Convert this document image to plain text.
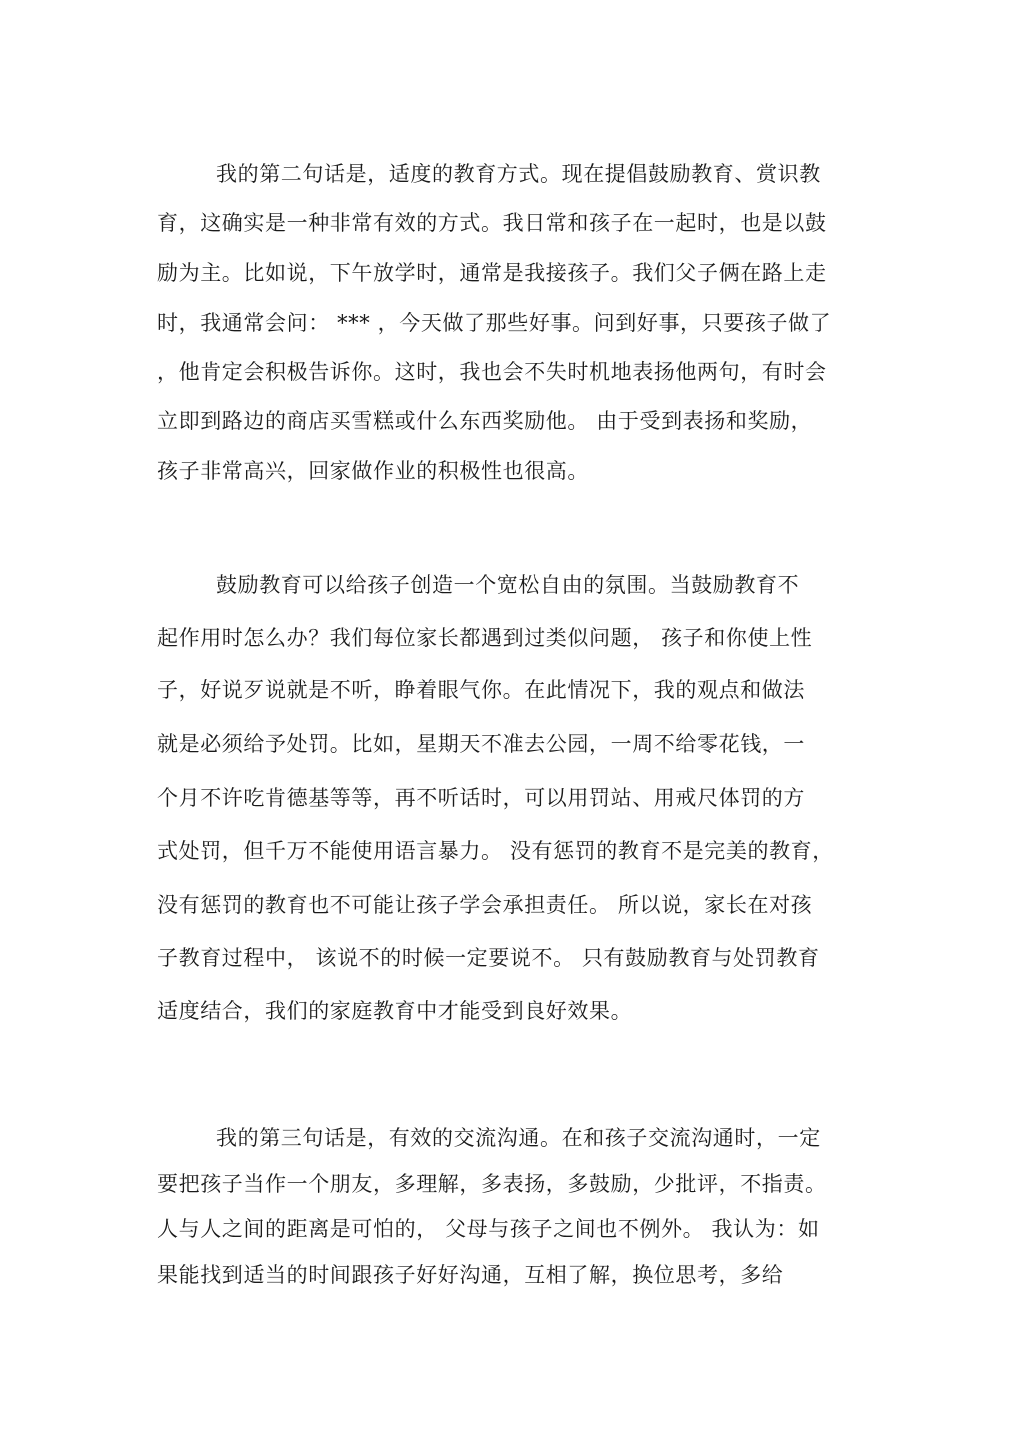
我的第二句话是，适度的教育方式。现在提倡鼓励教育、赏识教
育，这确实是一种非常有效的方式。我日常和孩子在一起时，也是以鼓
励为主。比如说，下午放学时，通常是我接孩子。我们父子俩在路上走
时，我通常会问： *** ，今天做了那些好事。问到好事，只要孩子做了
，他肯定会积极告诉你。这时，我也会不失时机地表扬他两句，有时会
立即到路边的商店买雪糕或什么东西奖励他。 由于受到表扬和奖励，
孩子非常高兴，回家做作业的积极性也很高。
鼓励教育可以给孩子创造一个宽松自由的氛围。当鼓励教育不
起作用时怎么办？我们每位家长都遇到过类似问题， 孩子和你使上性
子，好说歹说就是不听，睁着眼气你。在此情况下，我的观点和做法
就是必须给予处罚。比如，星期天不准去公园，一周不给零花钱，一
个月不许吃肯德基等等，再不听话时，可以用罚站、用戒尺体罚的方
式处罚，但千万不能使用语言暴力。 没有惩罚的教育不是完美的教育，
没有惩罚的教育也不可能让孩子学会承担责任。 所以说，家长在对孩
子教育过程中， 该说不的时候一定要说不。 只有鼓励教育与处罚教育
适度结合，我们的家庭教育中才能受到良好效果。
我的第三句话是，有效的交流沟通。在和孩子交流沟通时，一定
要把孩子当作一个朋友，多理解，多表扬，多鼓励，少批评，不指责。
人与人之间的距离是可怕的， 父母与孩子之间也不例外。 我认为：如
果能找到适当的时间跟孩子好好沟通，互相了解，换位思考，多给
